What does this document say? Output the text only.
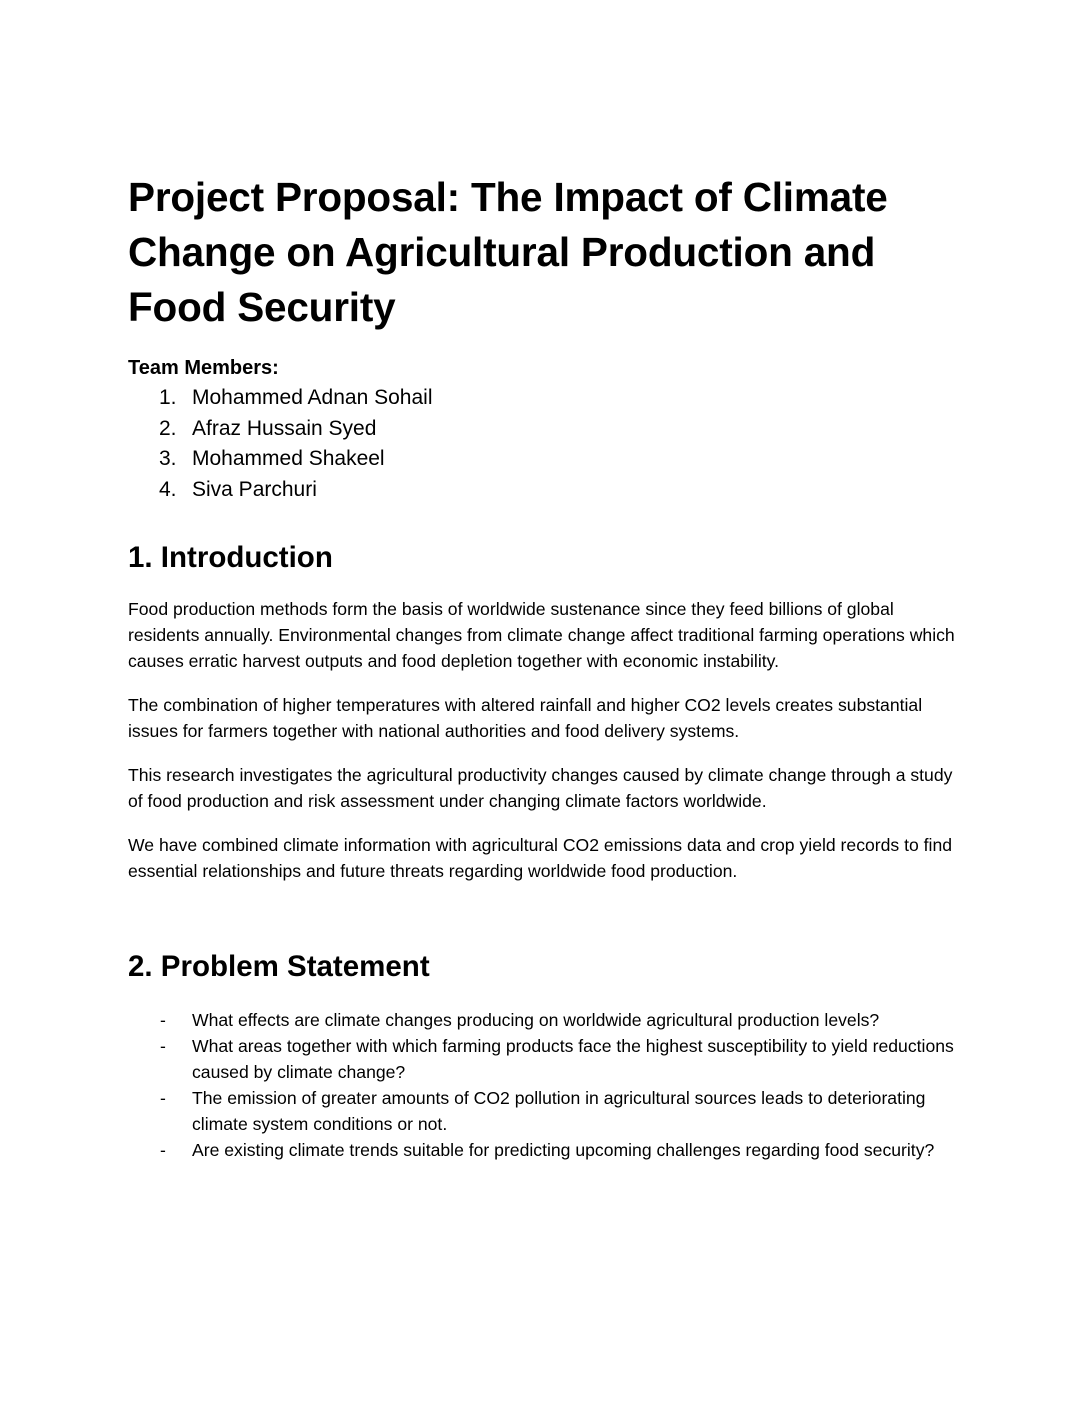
Project Proposal: The Impact of Climate Change on Agricultural Production and Food Security
Team Members:
1. Mohammed Adnan Sohail
2. Afraz Hussain Syed
3. Mohammed Shakeel
4. Siva Parchuri
1. Introduction

Food production methods form the basis of worldwide sustenance since they feed billions of global residents annually. Environmental changes from climate change affect traditional farming operations which causes erratic harvest outputs and food depletion together with economic instability.

The combination of higher temperatures with altered rainfall and higher CO2 levels creates substantial issues for farmers together with national authorities and food delivery systems.

This research investigates the agricultural productivity changes caused by climate change through a study of food production and risk assessment under changing climate factors worldwide.

We have combined climate information with agricultural CO2 emissions data and crop yield records to find essential relationships and future threats regarding worldwide food production.

2. Problem Statement
- What effects are climate changes producing on worldwide agricultural production levels?
- What areas together with which farming products face the highest susceptibility to yield reductions caused by climate change?
- The emission of greater amounts of CO2 pollution in agricultural sources leads to deteriorating climate system conditions or not.
- Are existing climate trends suitable for predicting upcoming challenges regarding food security?
